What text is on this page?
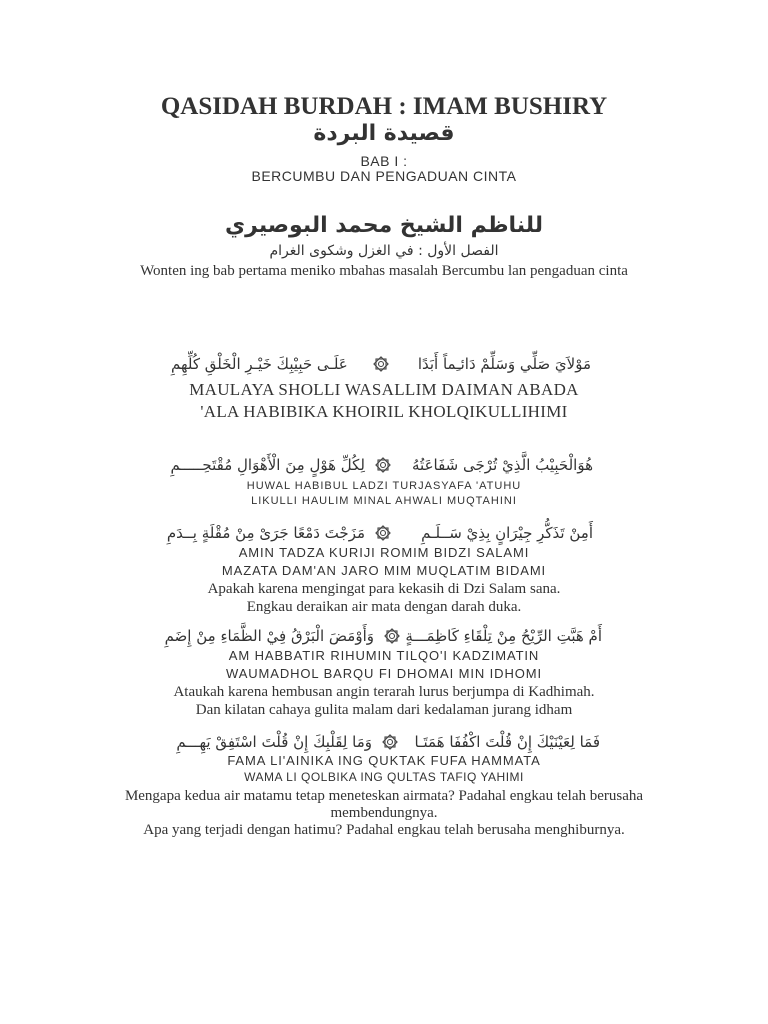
QASIDAH BURDAH : IMAM BUSHIRY
قصيدة البردة
BAB I :
BERCUMBU DAN PENGADUAN CINTA
للناظم الشيخ محمد البوصيري
الفصل الأول : في الغزل وشكوى الغرام
Wonten ing bab pertama meniko mbahas masalah Bercumbu lan pengaduan cinta
مَوْلاَيَ صَلِّي وَسَلِّمْ دَائـِماً أَبَدًا
عَلَـى حَبِيْبِكَ خَيْـرِ الْخَلْقِ كُلِّهِمِ
MAULAYA SHOLLI WASALLIM DAIMAN ABADA
'ALA HABIBIKA KHOIRIL KHOLQIKULLIHIMI
هُوَالْحَبِيْبُ الَّذِيْ تُرْجَى شَفَاعَتُهُ
لِكُلِّ هَوْلٍ مِنَ الْأَهْوَالِ مُقْتَحِـــــمِ
HUWAL HABIBUL LADZI TURJASYAFA 'ATUHU
LIKULLI HAULIM MINAL AHWALI MUQTAHINI
أَمِنْ تَذَكُّرِ جِيْرَانٍ بِذِيْ سَــلَـمِ
مَزَجْتَ دَمْعًا جَرَىْ مِنْ مُقْلَةٍ بِــدَمِ
AMIN TADZA KURIJI ROMIM BIDZI SALAMI
MAZATA DAM'AN JARO MIM MUQLATIM BIDAMI
Apakah karena mengingat para kekasih di Dzi Salam sana.
Engkau deraikan air mata dengan darah duka.
أَمْ هَبَّتِ الرِّيْحُ مِنْ تِلْقَاءِ كَاظِمَـــةٍ
وَأَوْمَضَ الْبَرْقُ فِيْ الظَّمَاءِ مِنْ إِضَمِ
AM HABBATIR RIHUMIN TILQO'I KADZIMATIN
WAUMADHOL BARQU FI DHOMAI MIN IDHOMI
Ataukah karena hembusan angin terarah lurus berjumpa di Kadhimah.
Dan kilatan cahaya gulita malam dari kedalaman jurang idham
فَمَا لِعَيْنَيْكَ إِنْ قُلْتَ اكْفُفَا هَمَتَـا
وَمَا لِقَلْبِكَ إِنْ قُلْتَ اسْتَفِقْ يَهِـــمِ
FAMA LI'AINIKA ING QUKTAK FUFA HAMMATA
WAMA LI QOLBIKA ING QULTAS TAFIQ YAHIMI
Mengapa kedua air matamu tetap meneteskan airmata? Padahal engkau telah berusaha
membendungnya.
Apa yang terjadi dengan hatimu? Padahal engkau telah berusaha menghiburnya.
